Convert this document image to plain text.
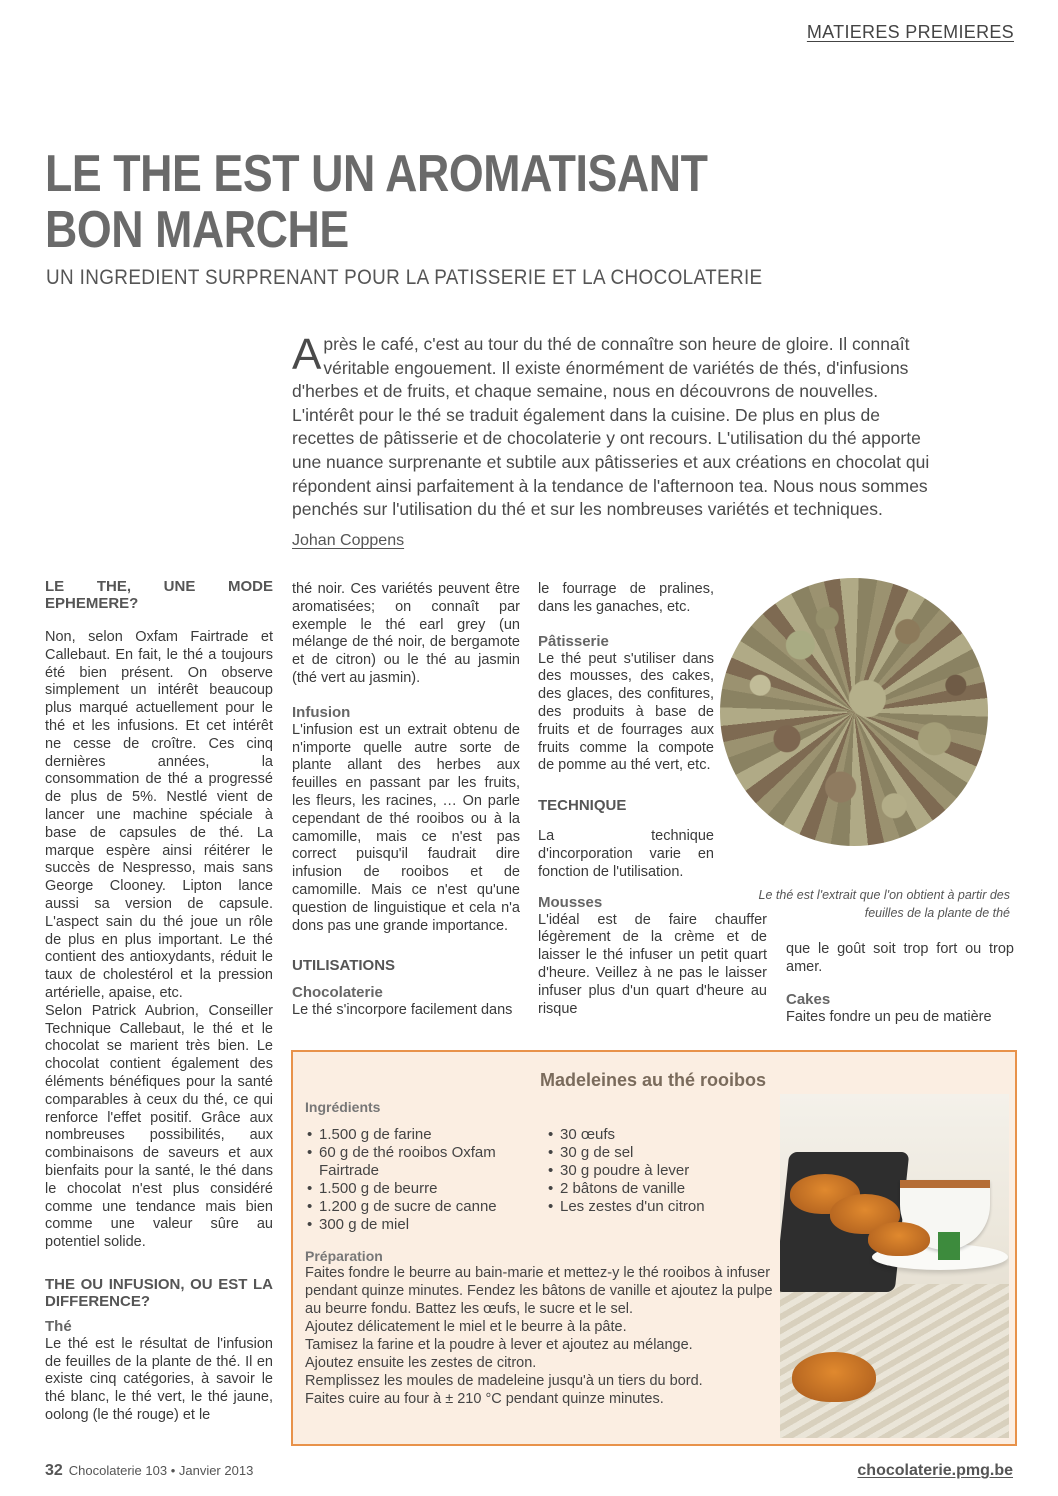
MATIERES PREMIERES
LE THE EST UN AROMATISANT
BON MARCHE
UN INGREDIENT SURPRENANT POUR LA PATISSERIE ET LA CHOCOLATERIE
Après le café, c'est au tour du thé de connaître son heure de gloire. Il connaît véritable engouement. Il existe énormément de variétés de thés, d'infusions d'herbes et de fruits, et chaque semaine, nous en découvrons de nouvelles. L'intérêt pour le thé se traduit également dans la cuisine. De plus en plus de recettes de pâtisserie et de chocolaterie y ont recours. L'utilisation du thé apporte une nuance surprenante et subtile aux pâtisseries et aux créations en chocolat qui répondent ainsi parfaitement à la tendance de l'afternoon tea. Nous nous sommes penchés sur l'utilisation du thé et sur les nombreuses variétés et techniques.
Johan Coppens
LE THE, UNE MODE EPHEMERE?

Non, selon Oxfam Fairtrade et Callebaut. En fait, le thé a toujours été bien présent. On observe simplement un intérêt beaucoup plus marqué actuellement pour le thé et les infusions. Et cet intérêt ne cesse de croître. Ces cinq dernières années, la consommation de thé a progressé de plus de 5%. Nestlé vient de lancer une machine spéciale à base de capsules de thé. La marque espère ainsi réitérer le succès de Nespresso, mais sans George Clooney. Lipton lance aussi sa version de capsule. L'aspect sain du thé joue un rôle de plus en plus important. Le thé contient des antioxydants, réduit le taux de cholestérol et la pression artérielle, apaise, etc.

Selon Patrick Aubrion, Conseiller Technique Callebaut, le thé et le chocolat se marient très bien. Le chocolat contient également des éléments bénéfiques pour la santé comparables à ceux du thé, ce qui renforce l'effet positif. Grâce aux nombreuses possibilités, aux combinaisons de saveurs et aux bienfaits pour la santé, le thé dans le chocolat n'est plus considéré comme une tendance mais bien comme une valeur sûre au potentiel solide.

THE OU INFUSION, OU EST LA DIFFERENCE?
Thé

Le thé est le résultat de l'infusion de feuilles de la plante de thé. Il en existe cinq catégories, à savoir le thé blanc, le thé vert, le thé jaune, oolong (le thé rouge) et le

thé noir. Ces variétés peuvent être aromatisées; on connaît par exemple le thé earl grey (un mélange de thé noir, de bergamote et de citron) ou le thé au jasmin (thé vert au jasmin).

Infusion

L'infusion est un extrait obtenu de n'importe quelle autre sorte de plante allant des herbes aux feuilles en passant par les fruits, les fleurs, les racines, … On parle cependant de thé rooibos ou à la camomille, mais ce n'est pas correct puisqu'il faudrait dire infusion de rooibos et de camomille. Mais ce n'est qu'une question de linguistique et cela n'a dons pas une grande importance.

UTILISATIONS
Chocolaterie

Le thé s'incorpore facilement dans

le fourrage de pralines, dans les ganaches, etc.

Pâtisserie

Le thé peut s'utiliser dans des mousses, des cakes, des glaces, des confitures, des produits à base de fruits et de fourrages aux fruits comme la compote de pomme au thé vert, etc.

TECHNIQUE

La technique d'incorporation varie en fonction de l'utilisation.

Mousses

L'idéal est de faire chauffer légèrement de la crème et de laisser le thé infuser un petit quart d'heure. Veillez à ne pas le laisser infuser plus d'un quart d'heure au risque

que le goût soit trop fort ou trop amer.

Cakes

Faites fondre un peu de matière

Le thé est l'extrait que l'on obtient à partir des feuilles de la plante de thé
Madeleines au thé rooibos
Ingrédients
• 1.500 g de farine
• 60 g de thé rooibos Oxfam Fairtrade
• 1.500 g de beurre
• 1.200 g de sucre de canne
• 300 g de miel
• 30 œufs
• 30 g de sel
• 30 g poudre à lever
• 2 bâtons de vanille
• Les zestes d'un citron
Préparation

Faites fondre le beurre au bain-marie et mettez-y le thé rooibos à infuser pendant quinze minutes. Fendez les bâtons de vanille et ajoutez la pulpe au beurre fondu. Battez les œufs, le sucre et le sel.

Ajoutez délicatement le miel et le beurre à la pâte.

Tamisez la farine et la poudre à lever et ajoutez au mélange.

Ajoutez ensuite les zestes de citron.

Remplissez les moules de madeleine jusqu'à un tiers du bord.

Faites cuire au four à ± 210 °C pendant quinze minutes.

32 Chocolaterie 103 • Janvier 2013	chocolaterie.pmg.be
